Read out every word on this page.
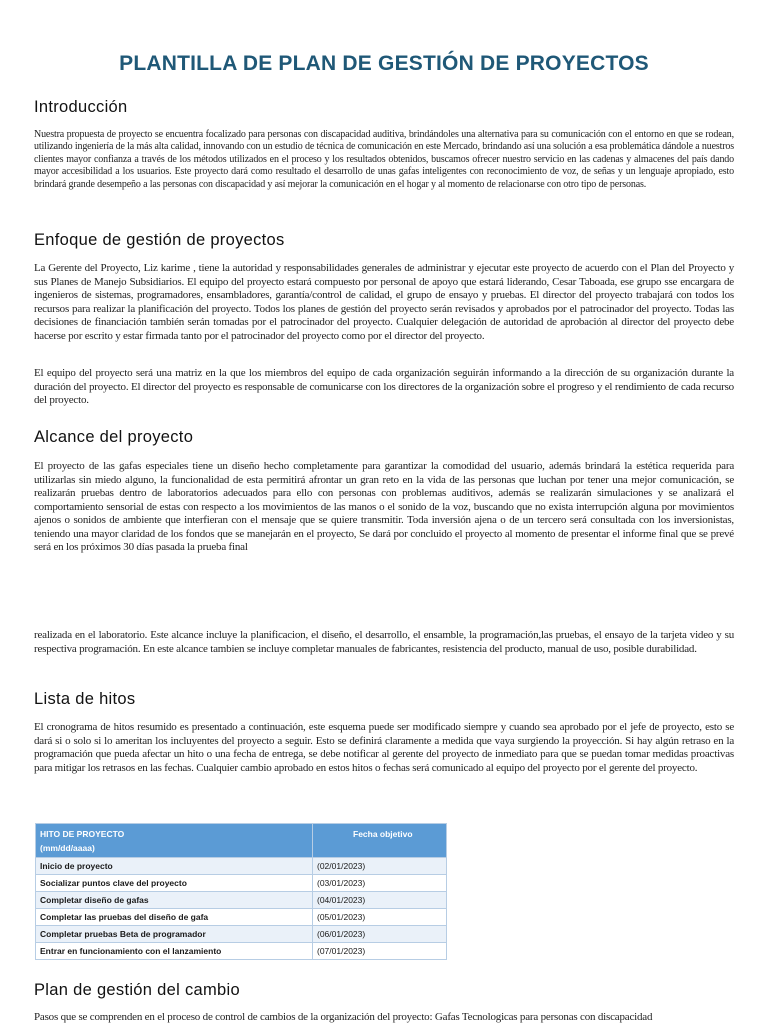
PLANTILLA DE PLAN DE GESTIÓN DE PROYECTOS
Introducción

Nuestra propuesta de proyecto se encuentra focalizado para personas con discapacidad auditiva, brindándoles una alternativa para su comunicación con el entorno en que se rodean, utilizando ingeniería de la más alta calidad, innovando con un estudio de técnica de comunicación en este Mercado, brindando así una solución a esa problemática dándole a nuestros clientes mayor confianza a través de los métodos utilizados en el proceso y los resultados obtenidos, buscamos ofrecer nuestro servicio en las cadenas y almacenes del país dando mayor accesibilidad a los usuarios. Este proyecto dará como resultado el desarrollo de unas gafas inteligentes con reconocimiento de voz, de señas y un lenguaje apropiado, esto brindará grande desempeño a las personas con discapacidad y así mejorar la comunicación en el hogar y al momento de relacionarse con otro tipo de personas.

Enfoque de gestión de proyectos

La Gerente del Proyecto, Liz karime , tiene la autoridad y responsabilidades generales de administrar y ejecutar este proyecto de acuerdo con el Plan del Proyecto y sus Planes de Manejo Subsidiarios. El equipo del proyecto estará compuesto por personal de apoyo que estará liderando, Cesar Taboada, ese grupo sse encargara de ingenieros de sistemas, programadores, ensambladores, garantía/control de calidad, el grupo de ensayo y pruebas. El director del proyecto trabajará con todos los recursos para realizar la planificación del proyecto. Todos los planes de gestión del proyecto serán revisados y aprobados por el patrocinador del proyecto. Todas las decisiones de financiación también serán tomadas por el patrocinador del proyecto. Cualquier delegación de autoridad de aprobación al director del proyecto debe hacerse por escrito y estar firmada tanto por el patrocinador del proyecto como por el director del proyecto.

El equipo del proyecto será una matriz en la que los miembros del equipo de cada organización seguirán informando a la dirección de su organización durante la duración del proyecto. El director del proyecto es responsable de comunicarse con los directores de la organización sobre el progreso y el rendimiento de cada recurso del proyecto.

Alcance del proyecto

El proyecto de las gafas especiales tiene un diseño hecho completamente para garantizar la comodidad del usuario, además brindará la estética requerida para utilizarlas sin miedo alguno, la funcionalidad de esta permitirá afrontar un gran reto en la vida de las personas que luchan por tener una mejor comunicación, se realizarán pruebas dentro de laboratorios adecuados para ello con personas con problemas auditivos, además se realizarán simulaciones y se analizará el comportamiento sensorial de estas con respecto a los movimientos de las manos o el sonido de la voz, buscando que no exista interrupción alguna por movimientos ajenos o sonidos de ambiente que interfieran con el mensaje que se quiere transmitir. Toda inversión ajena o de un tercero será consultada con los inversionistas, teniendo una mayor claridad de los fondos que se manejarán en el proyecto, Se dará por concluido el proyecto al momento de presentar el informe final que se prevé será en los próximos 30 días pasada la prueba final

realizada en el laboratorio. Este alcance incluye la planificacion, el diseño, el desarrollo, el ensamble, la programación,las pruebas, el ensayo de la tarjeta video y su respectiva programación. En este alcance tambien se incluye completar manuales de fabricantes, resistencia del producto, manual de uso, posible durabilidad.

Lista de hitos

El cronograma de hitos resumido es presentado a continuación, este esquema puede ser modificado siempre y cuando sea aprobado por el jefe de proyecto, esto se dará si o solo si lo ameritan los incluyentes del proyecto a seguir. Esto se definirá claramente a medida que vaya surgiendo la proyección. Si hay algún retraso en la programación que pueda afectar un hito o una fecha de entrega, se debe notificar al gerente del proyecto de inmediato para que se puedan tomar medidas proactivas para mitigar los retrasos en las fechas. Cualquier cambio aprobado en estos hitos o fechas será comunicado al equipo del proyecto por el gerente del proyecto.

HITO DE PROYECTO
(mm/dd/aaaa)	Fecha objetivo
Inicio de proyecto	(02/01/2023)
Socializar puntos clave del proyecto	(03/01/2023)
Completar diseño de gafas	(04/01/2023)
Completar las pruebas del diseño de gafa	(05/01/2023)
Completar pruebas Beta de programador	(06/01/2023)
Entrar en funcionamiento con el lanzamiento	(07/01/2023)
Plan de gestión del cambio

Pasos que se comprenden en el proceso de control de cambios de la organización del proyecto: Gafas Tecnologicas para personas con discapacidad
